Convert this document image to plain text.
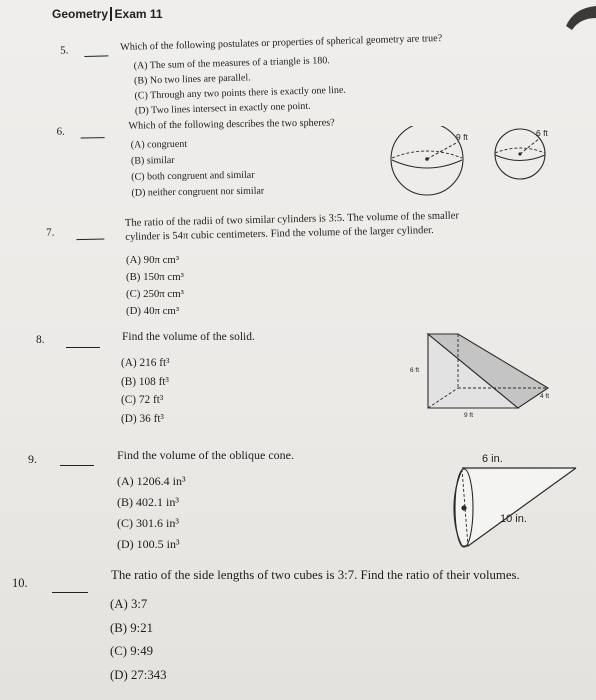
Geometry Exam 11
5.	Which of the following postulates or properties of spherical geometry are true?
(A) The sum of the measures of a triangle is 180.
(B) No two lines are parallel.
(C) Through any two points there is exactly one line.
(D) Two lines intersect in exactly one point.
6.
Which of the following describes the two spheres?
(A) congruent
(B) similar
(C) both congruent and similar
(D) neither congruent nor similar
9 ft	6 ft
7.
The ratio of the radii of two similar cylinders is 3:5. The volume of the smaller
cylinder is 54π cubic centimeters. Find the volume of the larger cylinder.
(A) 90π cm³
(B) 150π cm³
(C) 250π cm³
(D) 40π cm³
8.	Find the volume of the solid.
(A) 216 ft³
(B) 108 ft³
(C) 72 ft³
(D) 36 ft³
6 ft
9 ft
4 ft
9.	Find the volume of the oblique cone.
(A) 1206.4 in³
(B) 402.1 in³
(C) 301.6 in³
(D) 100.5 in³
6 in.
10 in.
10.
The ratio of the side lengths of two cubes is 3:7. Find the ratio of their volumes.
(A) 3:7
(B) 9:21
(C) 9:49
(D) 27:343
